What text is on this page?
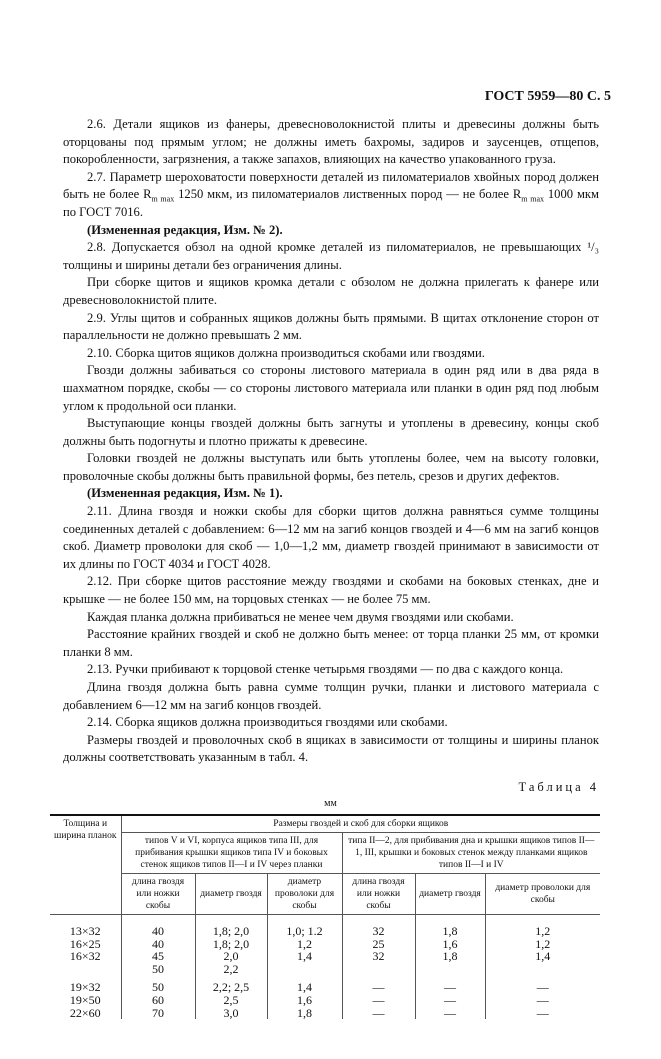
ГОСТ 5959—80 С. 5

2.6. Детали ящиков из фанеры, древесноволокнистой плиты и древесины должны быть оторцованы под прямым углом; не должны иметь бахромы, задиров и заусенцев, отщепов, покоробленности, загрязнения, а также запахов, влияющих на качество упакованного груза.

2.7. Параметр шероховатости поверхности деталей из пиломатериалов хвойных пород должен быть не более $R_{m max}$ 1250 мкм, из пиломатериалов лиственных пород — не более $R_{m max}$ 1000 мкм по ГОСТ 7016.

(Измененная редакция, Изм. № 2).

2.8. Допускается обзол на одной кромке деталей из пиломатериалов, не превышающих ¹/₃ толщины и ширины детали без ограничения длины.

При сборке щитов и ящиков кромка детали с обзолом не должна прилегать к фанере или древесноволокнистой плите.

2.9. Углы щитов и собранных ящиков должны быть прямыми. В щитах отклонение сторон от параллельности не должно превышать 2 мм.

2.10. Сборка щитов ящиков должна производиться скобами или гвоздями.

Гвозди должны забиваться со стороны листового материала в один ряд или в два ряда в шахматном порядке, скобы — со стороны листового материала или планки в один ряд под любым углом к продольной оси планки.

Выступающие концы гвоздей должны быть загнуты и утоплены в древесину, концы скоб должны быть подогнуты и плотно прижаты к древесине.

Головки гвоздей не должны выступать или быть утоплены более, чем на высоту головки, проволочные скобы должны быть правильной формы, без петель, срезов и других дефектов.

(Измененная редакция, Изм. № 1).

2.11. Длина гвоздя и ножки скобы для сборки щитов должна равняться сумме толщины соединенных деталей с добавлением: 6—12 мм на загиб концов гвоздей и 4—6 мм на загиб концов скоб. Диаметр проволоки для скоб — 1,0—1,2 мм, диаметр гвоздей принимают в зависимости от их длины по ГОСТ 4034 и ГОСТ 4028.

2.12. При сборке щитов расстояние между гвоздями и скобами на боковых стенках, дне и крышке — не более 150 мм, на торцовых стенках — не более 75 мм.

Каждая планка должна прибиваться не менее чем двумя гвоздями или скобами.

Расстояние крайних гвоздей и скоб не должно быть менее: от торца планки 25 мм, от кромки планки 8 мм.

2.13. Ручки прибивают к торцовой стенке четырьмя гвоздями — по два с каждого конца.

Длина гвоздя должна быть равна сумме толщин ручки, планки и листового материала с добавлением 6—12 мм на загиб концов гвоздей.

2.14. Сборка ящиков должна производиться гвоздями или скобами.

Размеры гвоздей и проволочных скоб в ящиках в зависимости от толщины и ширины планок должны соответствовать указанным в табл. 4.

Таблица 4
мм
Толщина и ширина планок	Размеры гвоздей и скоб для сборки ящиков					
	типов V и VI, корпуса ящиков типа III, для прибивания крышки ящиков типа IV и боковых стенок ящиков типов II—I и IV через планки			типа II—2, для прибивания дна и крышки ящиков типов II—1, III, крышки и боковых стенок между планками ящиков типов II—I и IV		
	длина гвоздя или ножки скобы	диаметр гвоздя	диаметр проволоки для скобы	длина гвоздя или ножки скобы	диаметр гвоздя	диаметр проволоки для скобы
13×32	40	1,8; 2,0	1,0; 1.2	32	1,8	1,2
16×25	40	1,8; 2,0	1,2	25	1,6	1,2
16×32	45	2,0	1,4	32	1,8	1,4
	50	2,2				
19×32	50	2,2; 2,5	1,4	—	—	—
19×50	60	2,5	1,6	—	—	—
22×60	70	3,0	1,8	—	—	—
